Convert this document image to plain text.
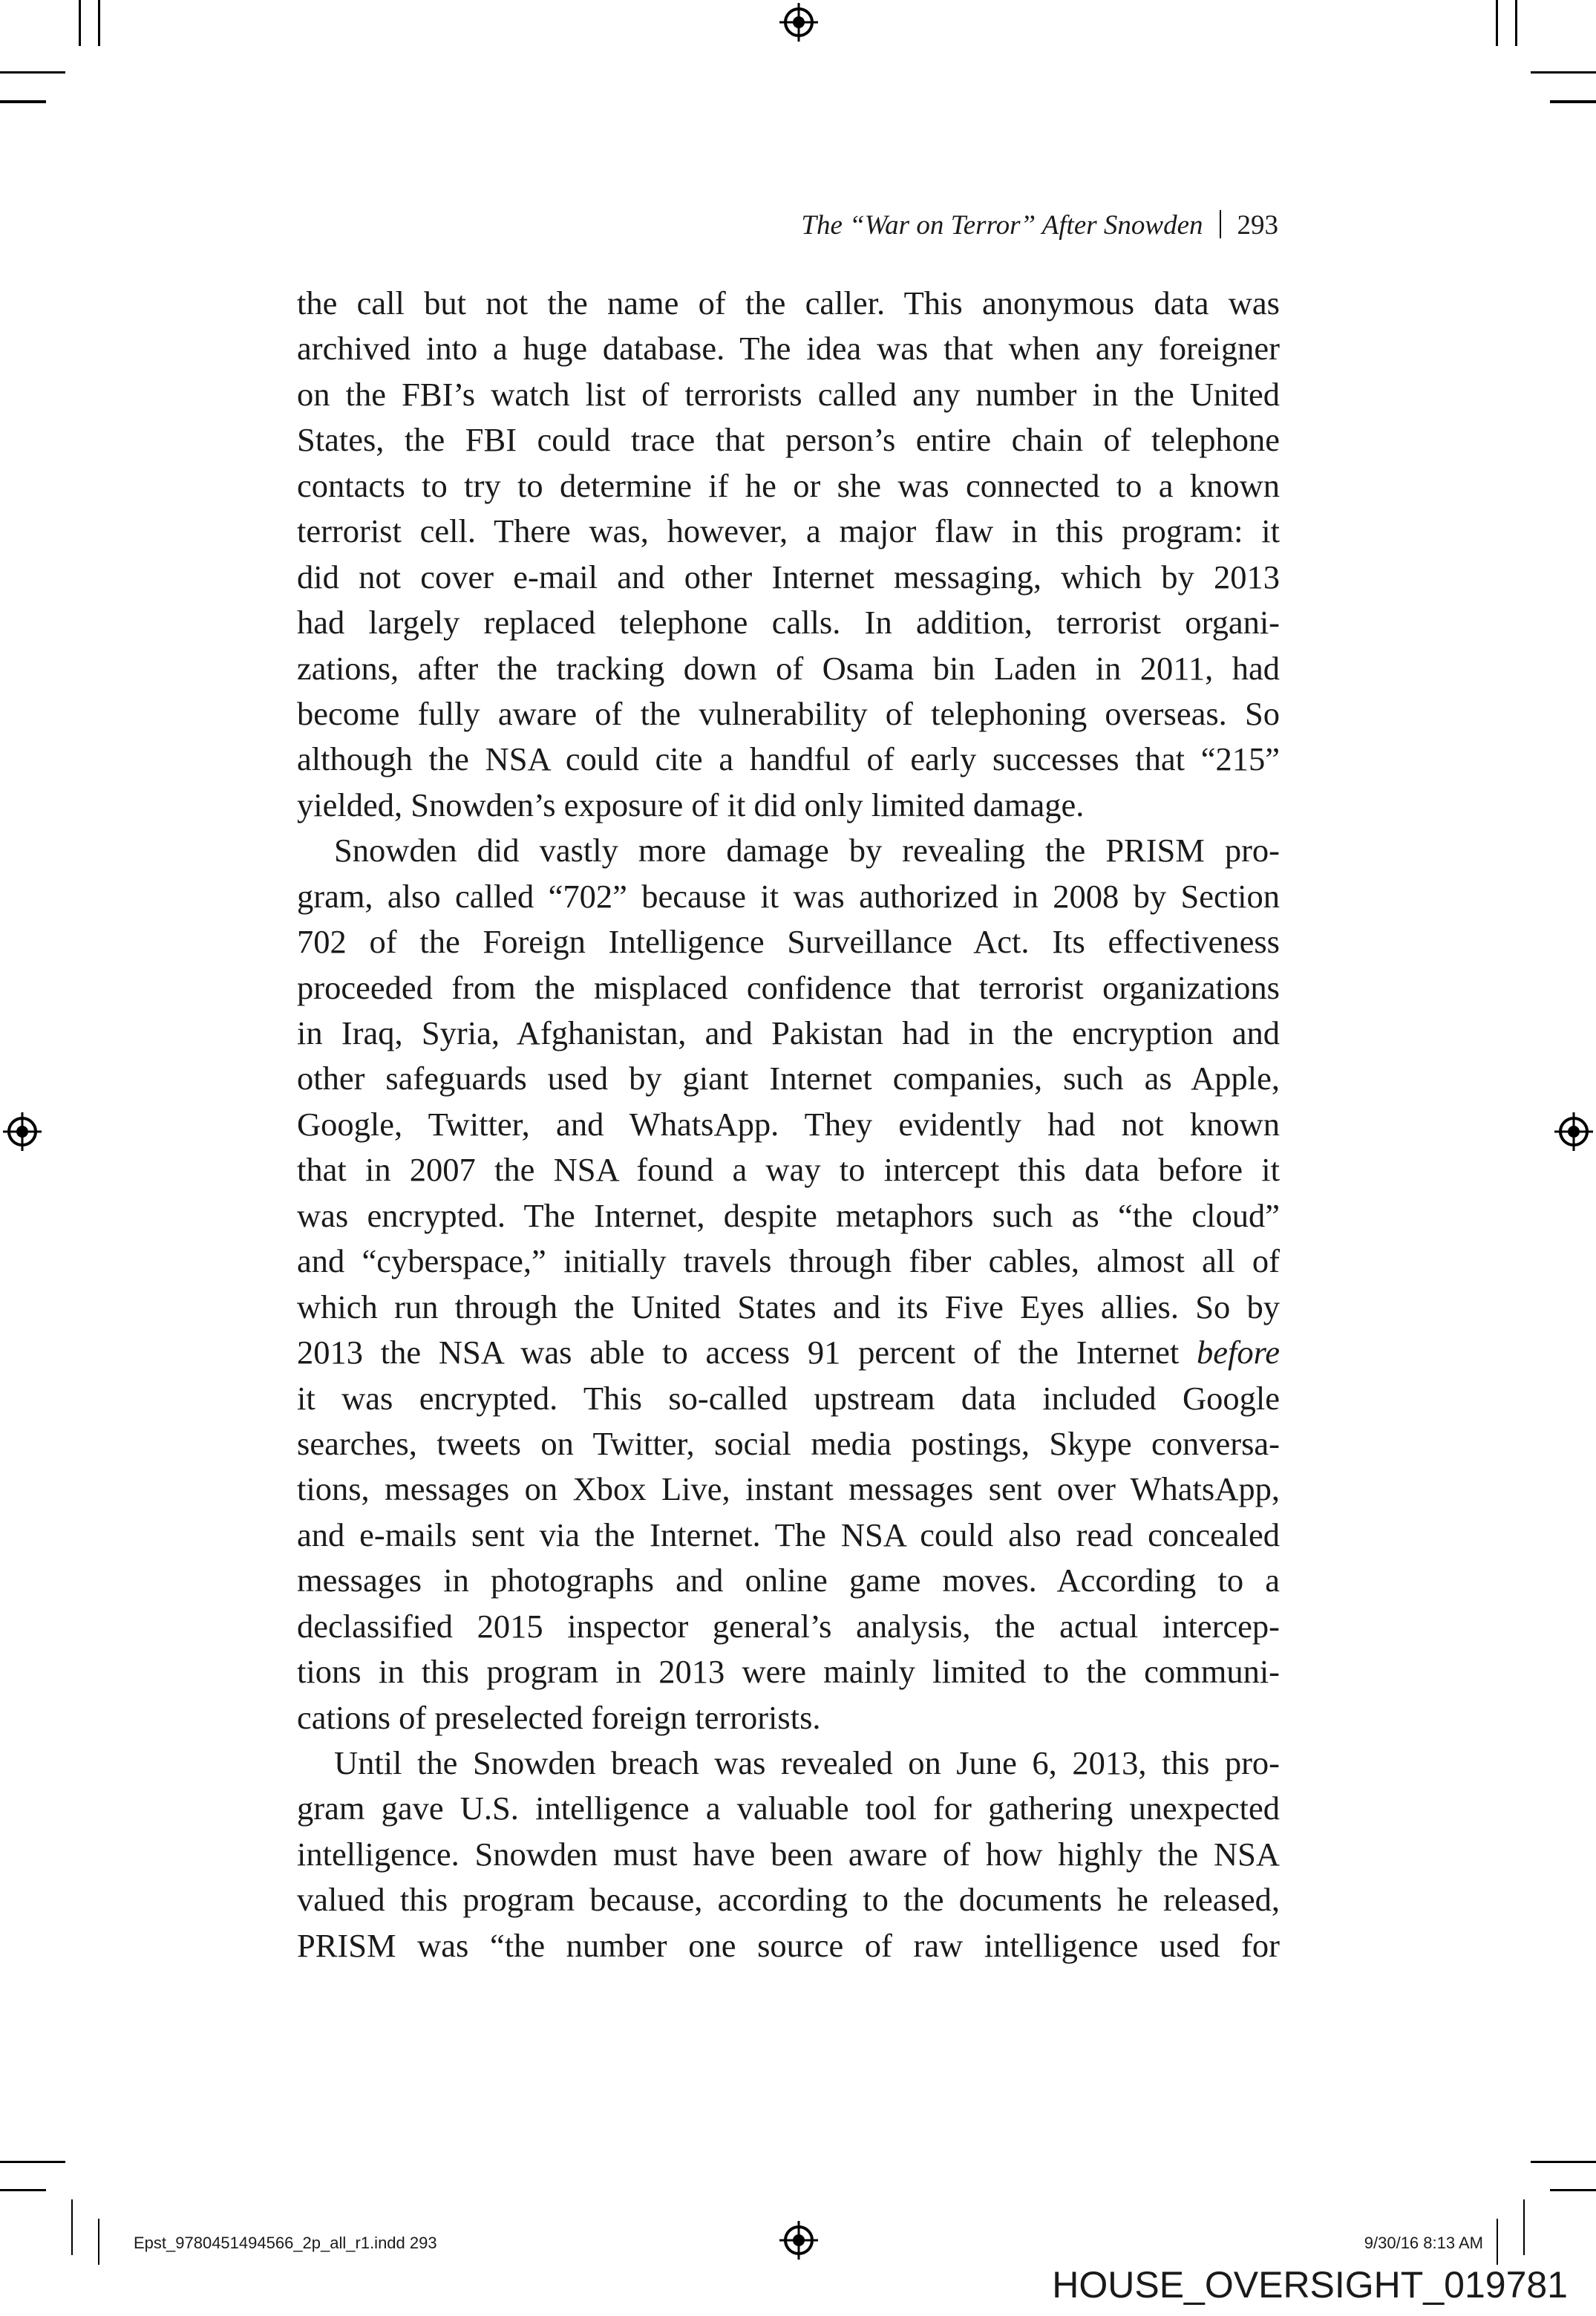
The “War on Terror” After Snowden 293
the call but not the name of the caller. This anonymous data was
archived into a huge database. The idea was that when any foreigner
on the FBI’s watch list of terrorists called any number in the United
States, the FBI could trace that person’s entire chain of telephone
contacts to try to determine if he or she was connected to a known
terrorist cell. There was, however, a major flaw in this program: it
did not cover e-mail and other Internet messaging, which by 2013
had largely replaced telephone calls. In addition, terrorist organi-
zations, after the tracking down of Osama bin Laden in 2011, had
become fully aware of the vulnerability of telephoning overseas. So
although the NSA could cite a handful of early successes that “215”
yielded, Snowden’s exposure of it did only limited damage.
Snowden did vastly more damage by revealing the PRISM pro-
gram, also called “702” because it was authorized in 2008 by Section
702 of the Foreign Intelligence Surveillance Act. Its effectiveness
proceeded from the misplaced confidence that terrorist organizations
in Iraq, Syria, Afghanistan, and Pakistan had in the encryption and
other safeguards used by giant Internet companies, such as Apple,
Google, Twitter, and WhatsApp. They evidently had not known
that in 2007 the NSA found a way to intercept this data before it
was encrypted. The Internet, despite metaphors such as “the cloud”
and “cyberspace,” initially travels through fiber cables, almost all of
which run through the United States and its Five Eyes allies. So by
2013 the NSA was able to access 91 percent of the Internet before
it was encrypted. This so-called upstream data included Google
searches, tweets on Twitter, social media postings, Skype conversa-
tions, messages on Xbox Live, instant messages sent over WhatsApp,
and e-mails sent via the Internet. The NSA could also read concealed
messages in photographs and online game moves. According to a
declassified 2015 inspector general’s analysis, the actual intercep-
tions in this program in 2013 were mainly limited to the communi-
cations of preselected foreign terrorists.
Until the Snowden breach was revealed on June 6, 2013, this pro-
gram gave U.S. intelligence a valuable tool for gathering unexpected
intelligence. Snowden must have been aware of how highly the NSA
valued this program because, according to the documents he released,
PRISM was “the number one source of raw intelligence used for
Epst_9780451494566_2p_all_r1.indd 293	9/30/16 8:13 AM
HOUSE_OVERSIGHT_019781
